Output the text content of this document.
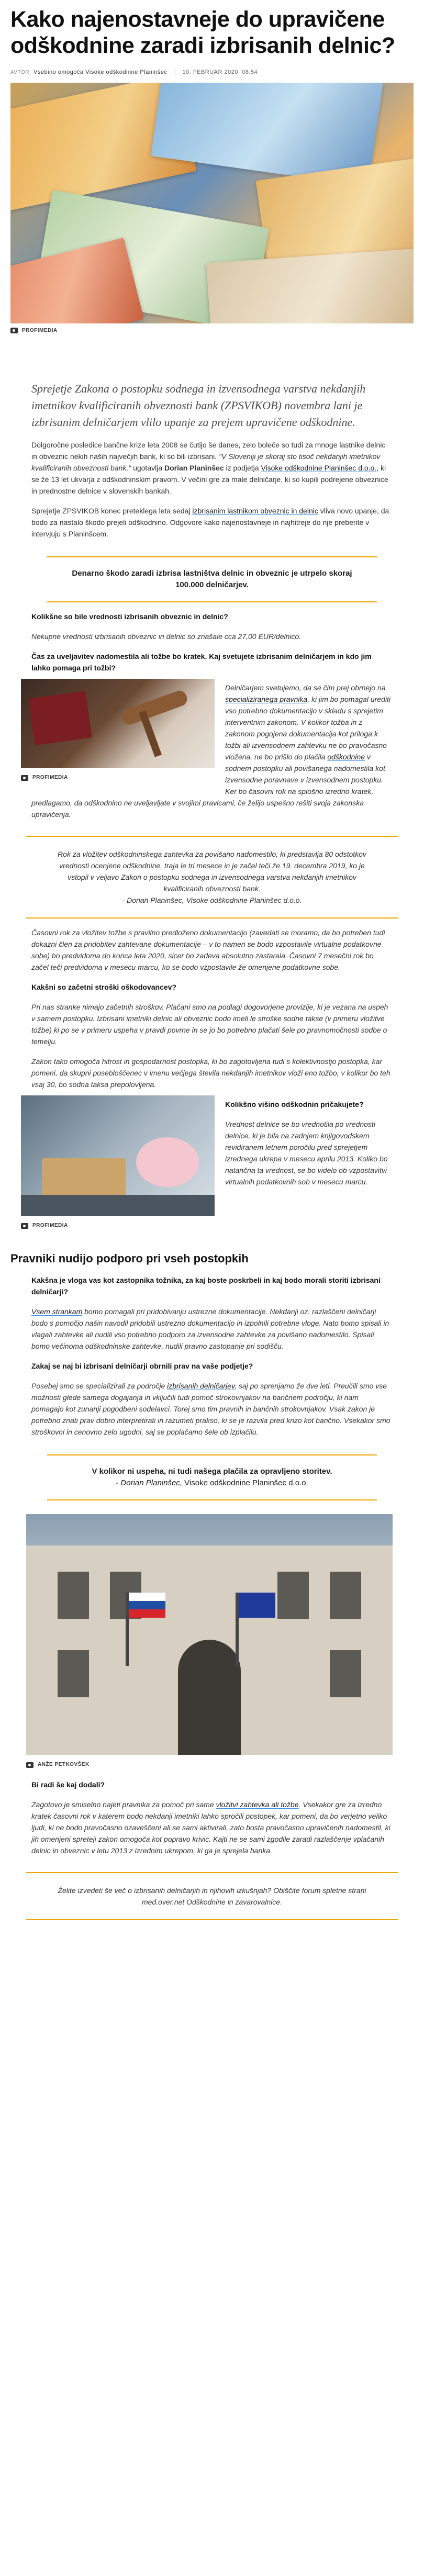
Kako najenostavneje do upravičene odškodnine zaradi izbrisanih delnic?
AVTOR Vsebino omogoča Visoke odškodnine Planinšec	10. FEBRUAR 2020, 08:54
PROFIMEDIA

Sprejetje Zakona o postopku sodnega in izvensodnega varstva nekdanjih imetnikov kvalificiranih obveznosti bank (ZPSVIKOB) novembra lani je izbrisanim delničarjem vlilo upanje za prejem upravičene odškodnine.

Dolgoročne posledice bančne krize leta 2008 se čutijo še danes, zelo boleče so tudi za mnoge lastnike delnic in obveznic nekih naših največjih bank, ki so bili izbrisani. "V Sloveniji je skoraj sto tisoč nekdanjih imetnikov kvalificiranih obveznosti bank," ugotavlja Dorian Planinšec iz podjetja Visoke odškodnine Planinšec d.o.o., ki se že 13 let ukvarja z odškodninskim pravom. V večini gre za male delničarje, ki so kupili podrejene obveznice in prednostne delnice v slovenskih bankah.

Sprejetje ZPSVIKOB konec preteklega leta sedaj izbrisanim lastnikom obveznic in delnic vliva novo upanje, da bodo za nastalo škodo prejeli odškodnino. Odgovore kako najenostavneje in najhitreje do nje preberite v intervjuju s Planinšcem.

Denarno škodo zaradi izbrisa lastništva delnic in obveznic je utrpelo skoraj 100.000 delničarjev.

Kolikšne so bile vrednosti izbrisanih obveznic in delnic?

Nekupne vrednosti izbrisanih obveznic in delnic so znašale cca 27,00 EUR/delnico.

Čas za uveljavitev nadomestila ali tožbe bo kratek. Kaj svetujete izbrisanim delničarjem in kdo jim lahko pomaga pri tožbi?

PROFIMEDIA

Delničarjem svetujemo, da se čim prej obrnejo na specializiranega pravnika, ki jim bo pomagal urediti vso potrebno dokumentacijo v skladu s sprejetim interventnim zakonom. V kolikor tožba in z zakonom pogojena dokumentacija kot priloga k tožbi ali izvensodnem zahtevku ne bo pravočasno vložena, ne bo prišlo do plačila odškodnine v sodnem postopku ali povišanega nadomestila kot izvensodne poravnave v izvensodnem postopku. Ker bo časovni rok na splošno izredno kratek, predlagamo, da odškodnino ne uveljavljate v svojimi pravicami, če želijo uspešno rešiti svoja zakonska upravičenja.

Rok za vložitev odškodninskega zahtevka za povišano nadomestilo, ki predstavlja 80 odstotkov vrednosti ocenjene odškodnine, traja le tri mesece in je začel teči že 19. decembra 2019, ko je vstopil v veljavo Zakon o postopku sodnega in izvensodnega varstva nekdanjih imetnikov kvalificiranih obveznosti bank.
- Dorian Planinšec, Visoke odškodnine Planinšec d.o.o.

Časovni rok za vložitev tožbe s pravilno predloženo dokumentacijo (zavedati se moramo, da bo potreben tudi dokazni člen za pridobitev zahtevane dokumentacije – v to namen se bodo vzpostavile virtualne podatkovne sobe) bo predvidoma do konca leta 2020, sicer bo zadeva absolutno zastarala. Časovni 7 mesečni rok bo začel teči predvidoma v mesecu marcu, ko se bodo vzpostavile že omenjene podatkovne sobe.

Kakšni so začetni stroški oškodovancev?

Pri nas stranke nimajo začetnih stroškov. Plačani smo na podlagi dogovorjene provizije, ki je vezana na uspeh v samem postopku. Izbrisani imetniki delnic ali obveznic bodo imeli le stroške sodne takse (v primeru vložitve tožbe) ki po se v primeru uspeha v pravdi povrne in se jo bo potrebno plačati šele po pravnomočnosti sodbe o temelju.

Zakon tako omogoča hitrost in gospodarnost postopka, ki bo zagotovljena tudi s kolektivnostjo postopka, kar pomeni, da skupni posebloščenec v imenu večjega števila nekdanjih imetnikov vloži eno tožbo, v kolikor bo teh vsaj 30, bo sodna taksa prepolovljena.

PROFIMEDIA

Kolikšno višino odškodnin pričakujete?

Vrednost delnice se bo vrednotila po vrednosti delnice, ki je bila na zadnjem knjigovodskem revidiranem letnem poročilu pred sprejetjem izrednega ukrepa v mesecu aprilu 2013. Koliko bo natančna ta vrednost, se bo videlo ob vzpostavitvi virtualnih podatkovnih sob v mesecu marcu.

Pravniki nudijo podporo pri vseh postopkih

Kakšna je vloga vas kot zastopnika tožnika, za kaj boste poskrbeli in kaj bodo morali storiti izbrisani delničarji?

Vsem strankam bomo pomagali pri pridobivanju ustrezne dokumentacije. Nekdanji oz. razlaščeni delničarji bodo s pomočjo našin navodil pridobili ustrezno dokumentacijo in izpolnili potrebne vloge. Nato bomo spisali in vlagali zahtevke ali nudili vso potrebno podporo za izvensodne zahtevke za povišano nadomestilo. Spisali bomo večinoma odškodninske zahtevke, nudili pravno zastopanje pri sodišču.

Zakaj se naj bi izbrisani delničarji obrnili prav na vaše podjetje?

Posebej smo se specializirali za področje izbrisanih delničarjev, saj po sprenjamo že dve leti. Preučili smo vse možnosti glede samega dogajanja in vključili tudi pomoč strokovnjakov na bančnem področju, ki nam pomagajo kot zunanji pogodbeni sodelavci. Torej smo tim pravnih in bančnih strokovnjakov. Vsak zakon je potrebno znati prav dobro interpretirati in razumeti prakso, ki se je razvila pred krizo kot bančno. Vsekakor smo stroškovni in cenovno zelo ugodni, saj se poplačamo šele ob izplačilu.

V kolikor ni uspeha, ni tudi našega plačila za opravljeno storitev.
- Dorian Planinšec, Visoke odškodnine Planinšec d.o.o.
ANŽE PETKOVŠEK

Bi radi še kaj dodali?

Zagotovo je smiselno najeti pravnika za pomoč pri same vložitvi zahtevka ali tožbe. Vsekakor gre za izredno kratek časovni rok v katerem bodo nekdanji imetniki lahko spročili postopek, kar pomeni, da bo verjetno veliko ljudi, ki ne bodo pravočasno ozaveščeni ali se sami aktivirali, zato bosta pravočasno upravičenih nadomestil, ki jih omenjeni spreteji zakon omogoča kot popravo krivic. Kajti ne se sami zgodile zaradi razlaščenje vplačanih delnic in obveznic v letu 2013 z izrednim ukrepom, ki ga je sprejela banka.

Želite izvedeti še več o izbrisanih delničarjih in njihovih izkušnjah? Obiščite forum spletne strani med.over.net Odškodnine in zavarovalnice.
